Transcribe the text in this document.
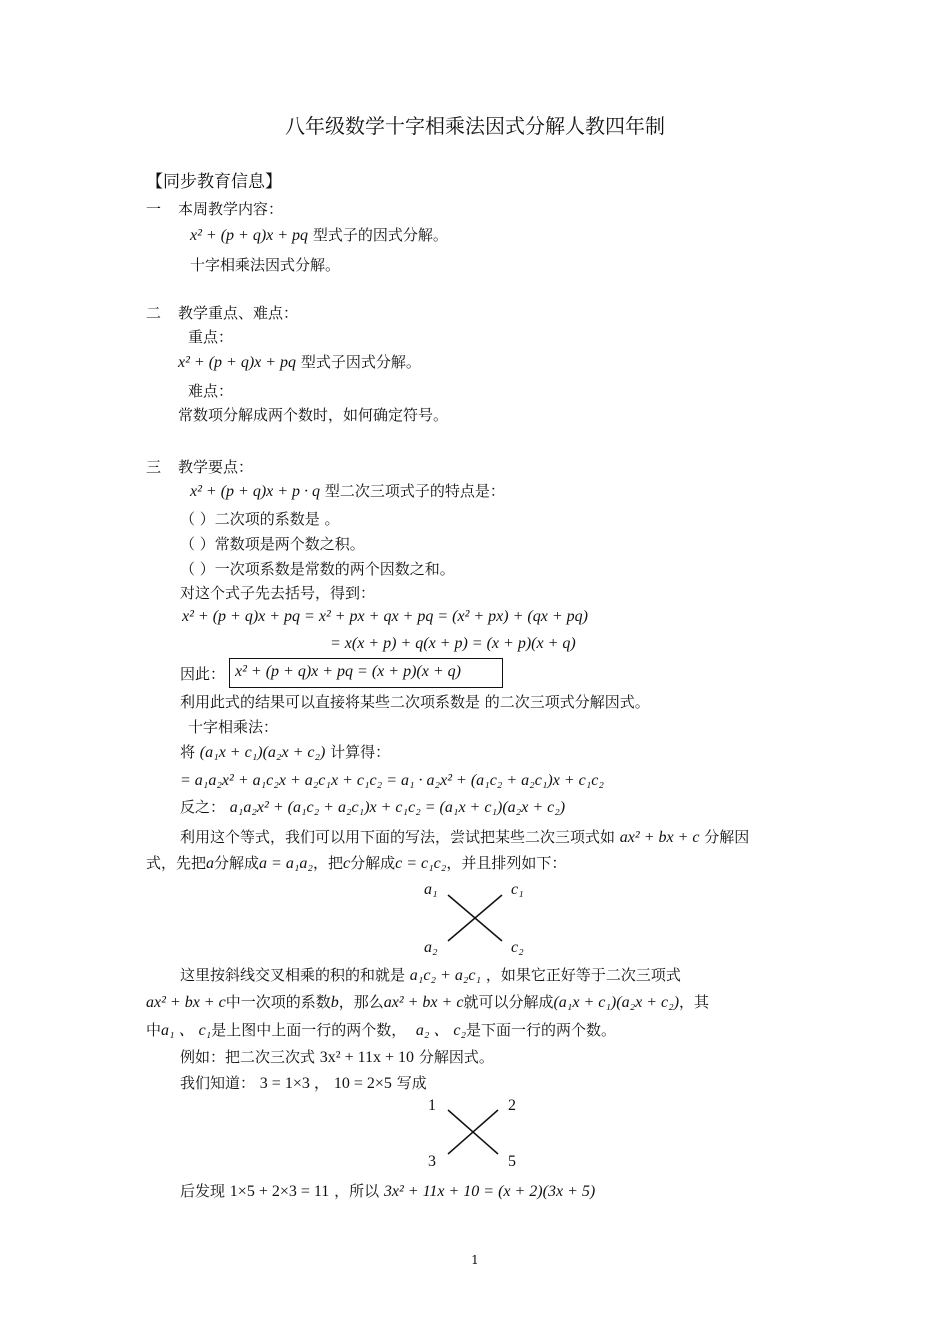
八年级数学十字相乘法因式分解人教四年制
【同步教育信息】
一 本周教学内容：
x² + (p + q)x + pq 型式子的因式分解。
十字相乘法因式分解。
二 教学重点、难点：
重点：
x² + (p + q)x + pq 型式子因式分解。
难点：
常数项分解成两个数时，如何确定符号。
三 教学要点：
x² + (p + q)x + p · q 型二次三项式子的特点是：
（ ）二次项的系数是 。
（ ）常数项是两个数之积。
（ ）一次项系数是常数的两个因数之和。
对这个式子先去括号，得到：
x² + (p + q)x + pq = x² + px + qx + pq = (x² + px) + (qx + pq)
= x(x + p) + q(x + p) = (x + p)(x + q)
因此： x² + (p + q)x + pq = (x + p)(x + q)
利用此式的结果可以直接将某些二次项系数是 的二次三项式分解因式。
十字相乘法：
将 (a₁x + c₁)(a₂x + c₂) 计算得：
= a₁a₂x² + a₁c₂x + a₂c₁x + c₁c₂ = a₁ · a₂x² + (a₁c₂ + a₂c₁)x + c₁c₂
反之： a₁a₂x² + (a₁c₂ + a₂c₁)x + c₁c₂ = (a₁x + c₁)(a₂x + c₂)
利用这个等式，我们可以用下面的写法，尝试把某些二次三项式如 ax² + bx + c 分解因
式，先把a分解成a = a₁a₂，把c分解成c = c₁c₂，并且排列如下：
a₁	c₁
a₂	c₂
这里按斜线交叉相乘的积的和就是 a₁c₂ + a₂c₁ ，如果它正好等于二次三项式
ax² + bx + c中一次项的系数b，那么ax² + bx + c就可以分解成(a₁x + c₁)(a₂x + c₂)，其
中a₁ 、 c₁是上图中上面一行的两个数， a₂ 、 c₂是下面一行的两个数。
例如：把二次三次式 3x² + 11x + 10 分解因式。
我们知道： 3 = 1×3 ， 10 = 2×5 写成
1	2
3	5
后发现 1×5 + 2×3 = 11 ，所以 3x² + 11x + 10 = (x + 2)(3x + 5)
1
